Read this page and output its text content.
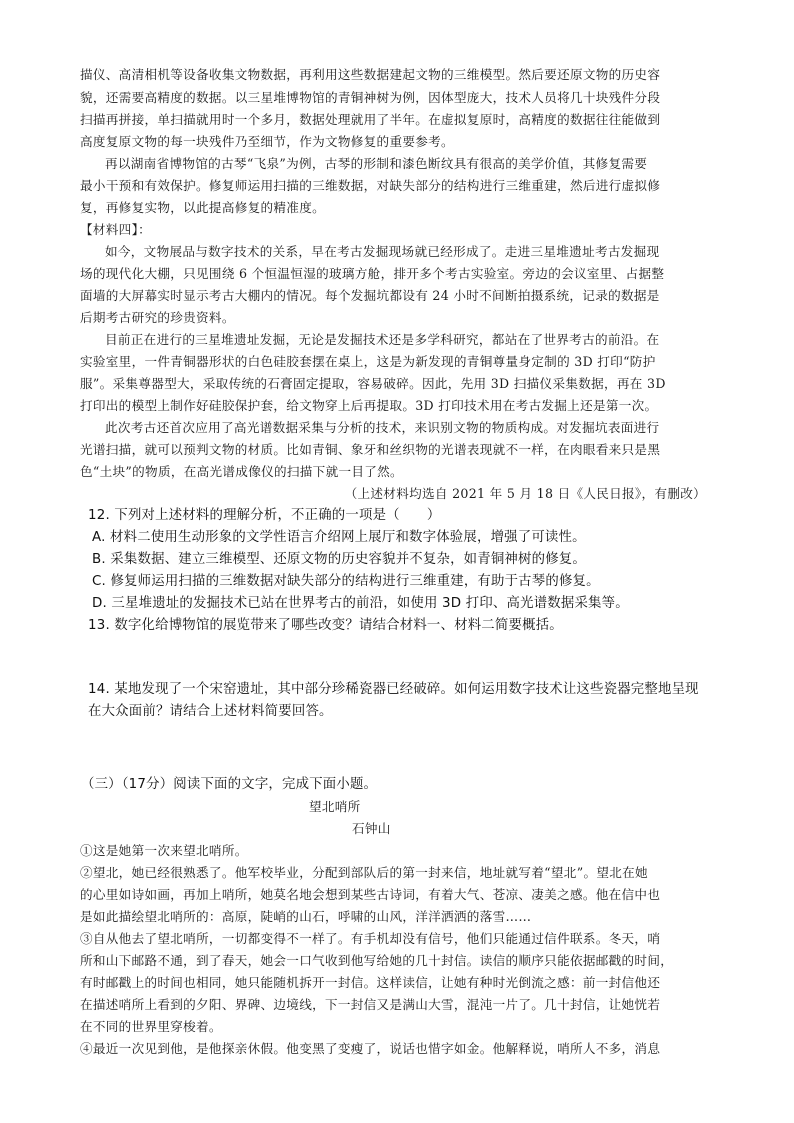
描仪、高清相机等设备收集文物数据，再利用这些数据建起文物的三维模型。然后要还原文物的历史容
貌，还需要高精度的数据。以三星堆博物馆的青铜神树为例，因体型庞大，技术人员将几十块残件分段
扫描再拼接，单扫描就用时一个多月，数据处理就用了半年。在虚拟复原时，高精度的数据往往能做到
高度复原文物的每一块残件乃至细节，作为文物修复的重要参考。
再以湖南省博物馆的古琴“飞泉”为例，古琴的形制和漆色断纹具有很高的美学价值，其修复需要
最小干预和有效保护。修复师运用扫描的三维数据，对缺失部分的结构进行三维重建，然后进行虚拟修
复，再修复实物，以此提高修复的精准度。
【材料四】：
如今，文物展品与数字技术的关系，早在考古发掘现场就已经形成了。走进三星堆遗址考古发掘现
场的现代化大棚，只见围绕 6 个恒温恒湿的玻璃方舱，排开多个考古实验室。旁边的会议室里、占据整
面墙的大屏幕实时显示考古大棚内的情况。每个发掘坑都设有 24 小时不间断拍摄系统，记录的数据是
后期考古研究的珍贵资料。
目前正在进行的三星堆遗址发掘，无论是发掘技术还是多学科研究，都站在了世界考古的前沿。在
实验室里，一件青铜器形状的白色硅胶套摆在桌上，这是为新发现的青铜尊量身定制的 3D 打印“防护
服”。采集尊器型大，采取传统的石膏固定提取，容易破碎。因此，先用 3D 扫描仪采集数据，再在 3D
打印出的模型上制作好硅胶保护套，给文物穿上后再提取。3D 打印技术用在考古发掘上还是第一次。
此次考古还首次应用了高光谱数据采集与分析的技术，来识别文物的物质构成。对发掘坑表面进行
光谱扫描，就可以预判文物的材质。比如青铜、象牙和丝织物的光谱表现就不一样，在肉眼看来只是黑
色“土块”的物质，在高光谱成像仪的扫描下就一目了然。
（上述材料均选自 2021 年 5 月 18 日《人民日报》，有删改）
12. 下列对上述材料的理解分析，不正确的一项是（　　）
A. 材料二使用生动形象的文学性语言介绍网上展厅和数字体验展，增强了可读性。
B. 采集数据、建立三维模型、还原文物的历史容貌并不复杂，如青铜神树的修复。
C. 修复师运用扫描的三维数据对缺失部分的结构进行三维重建，有助于古琴的修复。
D. 三星堆遗址的发掘技术已站在世界考古的前沿，如使用 3D 打印、高光谱数据采集等。
13. 数字化给博物馆的展览带来了哪些改变？请结合材料一、材料二简要概括。
14. 某地发现了一个宋窑遗址，其中部分珍稀瓷器已经破碎。如何运用数字技术让这些瓷器完整地呈现
在大众面前？请结合上述材料简要回答。
（三）（17分）阅读下面的文字，完成下面小题。
望北哨所
石钟山
①这是她第一次来望北哨所。
②望北，她已经很熟悉了。他军校毕业，分配到部队后的第一封来信，地址就写着“望北”。望北在她
的心里如诗如画，再加上哨所，她莫名地会想到某些古诗词，有着大气、苍凉、凄美之感。他在信中也
是如此描绘望北哨所的：高原，陡峭的山石，呼啸的山风，洋洋洒洒的落雪……
③自从他去了望北哨所，一切都变得不一样了。有手机却没有信号，他们只能通过信件联系。冬天，哨
所和山下邮路不通，到了春天，她会一口气收到他写给她的几十封信。读信的顺序只能依据邮戳的时间，
有时邮戳上的时间也相同，她只能随机拆开一封信。这样读信，让她有种时光倒流之感：前一封信他还
在描述哨所上看到的夕阳、界碑、边境线，下一封信又是满山大雪，混沌一片了。几十封信，让她恍若
在不同的世界里穿梭着。
④最近一次见到他，是他探亲休假。他变黑了变瘦了，说话也惜字如金。他解释说，哨所人不多，消息
